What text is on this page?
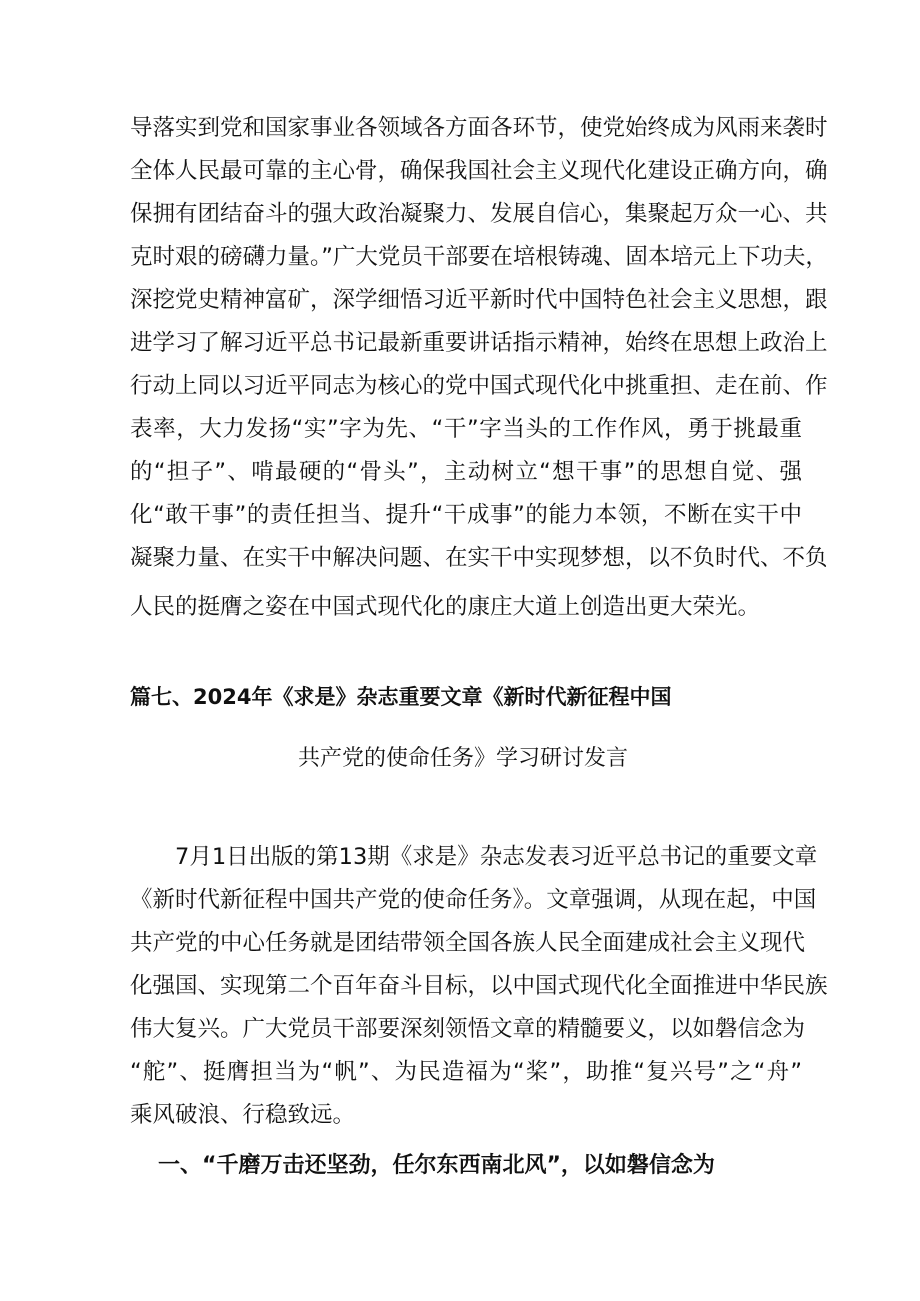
导落实到党和国家事业各领域各方面各环节，使党始终成为风雨来袭时
全体人民最可靠的主心骨，确保我国社会主义现代化建设正确方向，确
保拥有团结奋斗的强大政治凝聚力、发展自信心，集聚起万众一心、共
克时艰的磅礴力量。”广大党员干部要在培根铸魂、固本培元上下功夫，
深挖党史精神富矿，深学细悟习近平新时代中国特色社会主义思想，跟
进学习了解习近平总书记最新重要讲话指示精神，始终在思想上政治上
行动上同以习近平同志为核心的党中国式现代化中挑重担、走在前、作
表率，大力发扬“实”字为先、“干”字当头的工作作风，勇于挑最重
的“担子”、啃最硬的“骨头”，主动树立“想干事”的思想自觉、强
化“敢干事”的责任担当、提升“干成事”的能力本领，不断在实干中
凝聚力量、在实干中解决问题、在实干中实现梦想，以不负时代、不负
人民的挺膺之姿在中国式现代化的康庄大道上创造出更大荣光。
篇七、2024年《求是》杂志重要文章《新时代新征程中国
共产党的使命任务》学习研讨发言
7月1日出版的第13期《求是》杂志发表习近平总书记的重要文章
《新时代新征程中国共产党的使命任务》。文章强调，从现在起，中国
共产党的中心任务就是团结带领全国各族人民全面建成社会主义现代
化强国、实现第二个百年奋斗目标，以中国式现代化全面推进中华民族
伟大复兴。广大党员干部要深刻领悟文章的精髓要义，以如磐信念为
“舵”、挺膺担当为“帆”、为民造福为“桨”，助推“复兴号”之“舟”
乘风破浪、行稳致远。
一、“千磨万击还坚劲，任尔东西南北风”，以如磐信念为
